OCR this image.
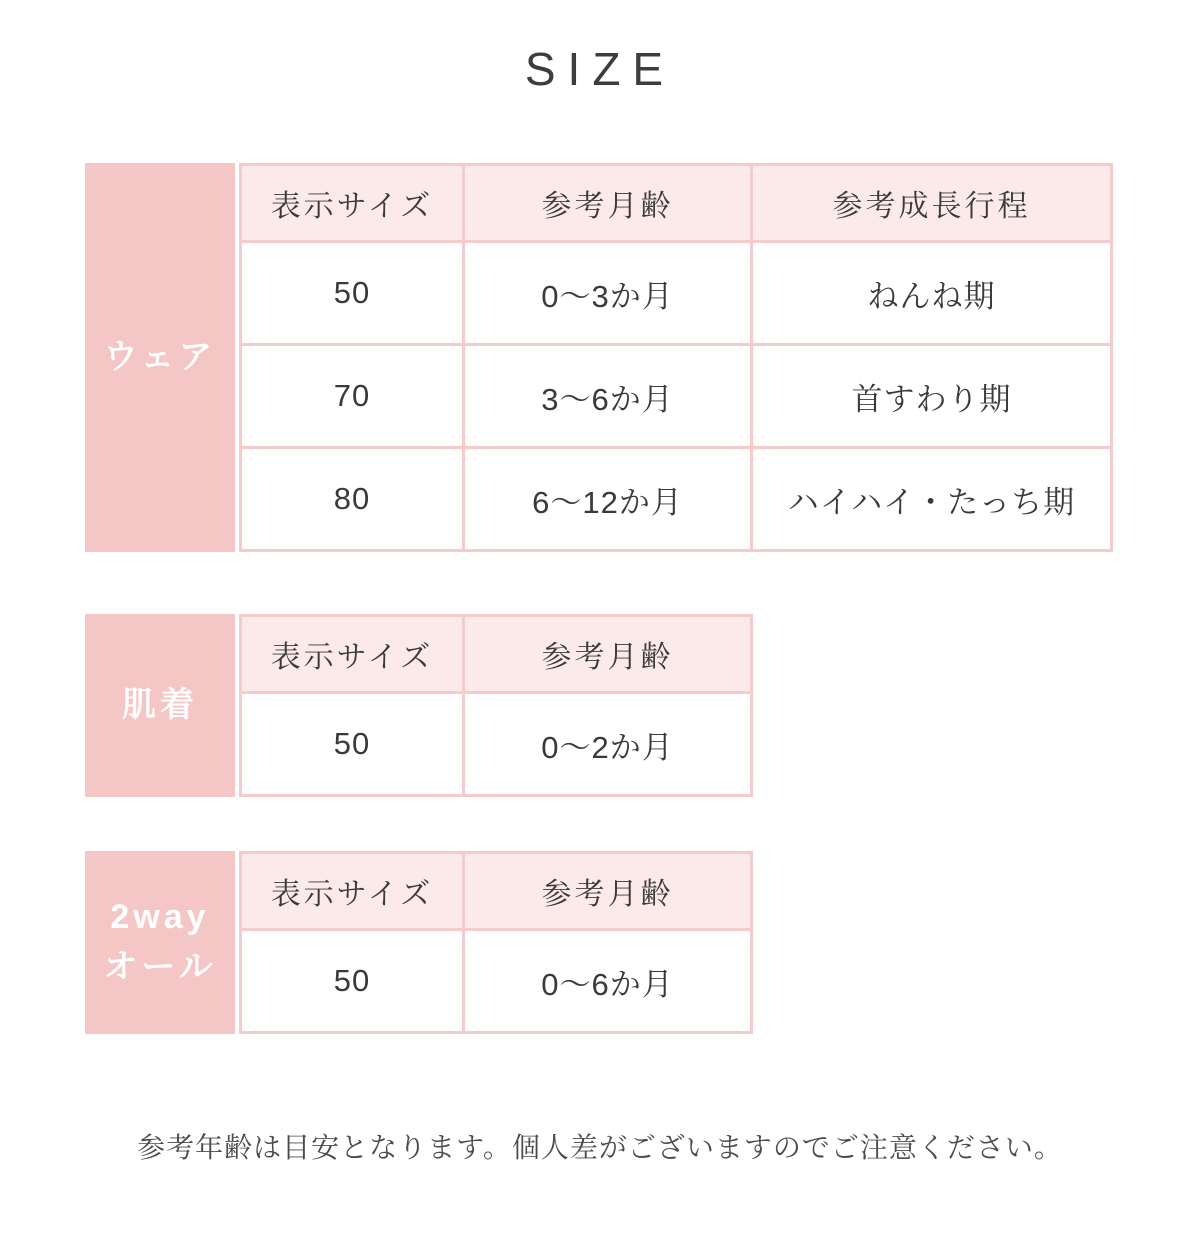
SIZE
ウェア
表示サイズ	参考月齢	参考成長行程
50	0〜3か月	ねんね期
70	3〜6か月	首すわり期
80	6〜12か月	ハイハイ・たっち期
肌着
表示サイズ	参考月齢
50	0〜2か月
2way
オール
表示サイズ	参考月齢
50	0〜6か月

参考年齢は目安となります。個人差がございますのでご注意ください。
